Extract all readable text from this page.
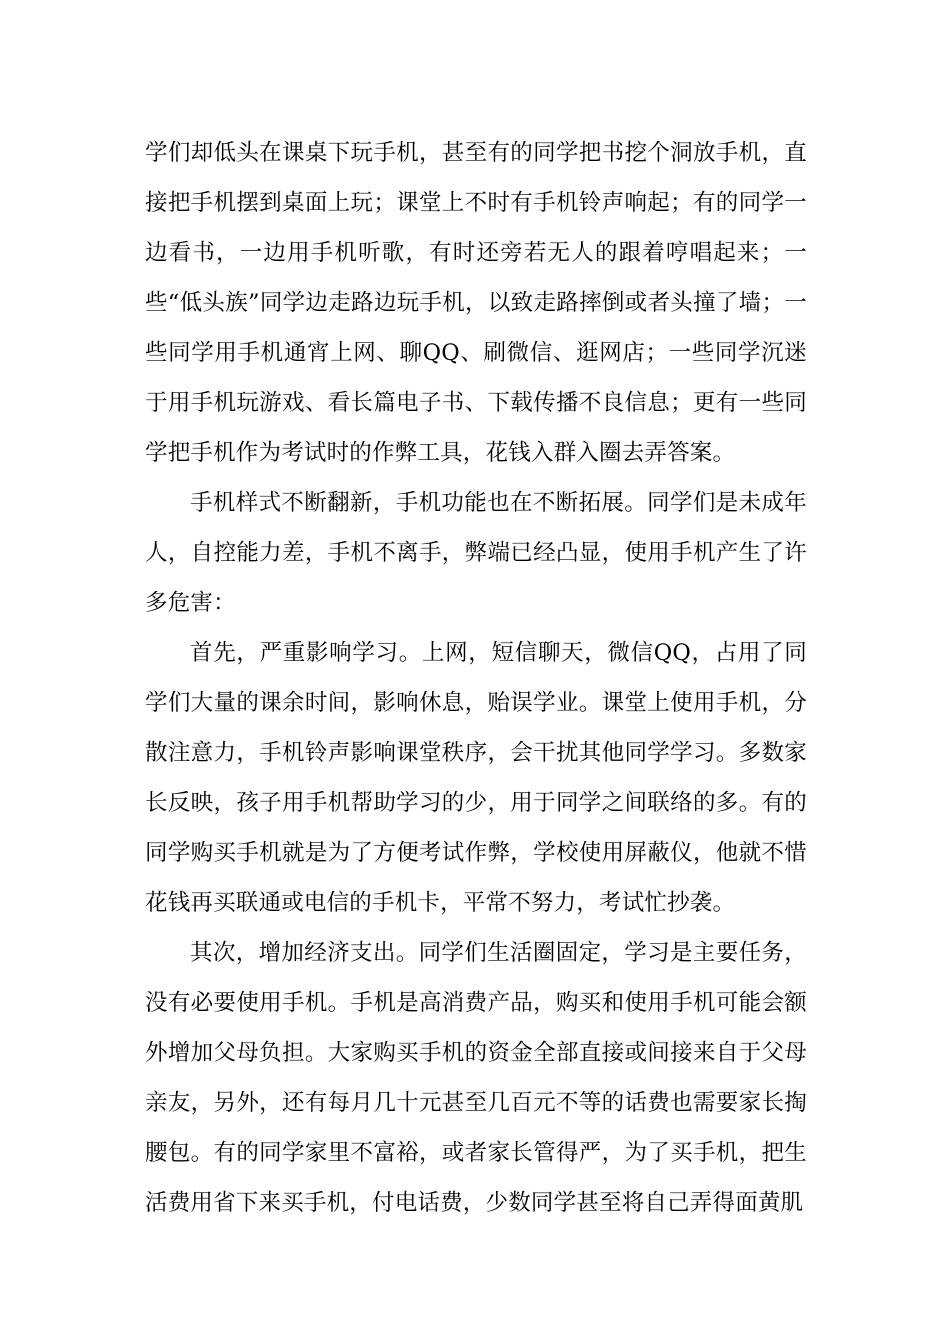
学们却低头在课桌下玩手机，甚至有的同学把书挖个洞放手机，直接把手机摆到桌面上玩；课堂上不时有手机铃声响起；有的同学一边看书，一边用手机听歌，有时还旁若无人的跟着哼唱起来；一些“低头族”同学边走路边玩手机，以致走路摔倒或者头撞了墙；一些同学用手机通宵上网、聊QQ、刷微信、逛网店；一些同学沉迷于用手机玩游戏、看长篇电子书、下载传播不良信息；更有一些同学把手机作为考试时的作弊工具，花钱入群入圈去弄答案。

手机样式不断翻新，手机功能也在不断拓展。同学们是未成年人，自控能力差，手机不离手，弊端已经凸显，使用手机产生了许多危害：

首先，严重影响学习。上网，短信聊天，微信QQ，占用了同学们大量的课余时间，影响休息，贻误学业。课堂上使用手机，分散注意力，手机铃声影响课堂秩序，会干扰其他同学学习。多数家长反映，孩子用手机帮助学习的少，用于同学之间联络的多。有的同学购买手机就是为了方便考试作弊，学校使用屏蔽仪，他就不惜花钱再买联通或电信的手机卡，平常不努力，考试忙抄袭。

其次，增加经济支出。同学们生活圈固定，学习是主要任务，没有必要使用手机。手机是高消费产品，购买和使用手机可能会额外增加父母负担。大家购买手机的资金全部直接或间接来自于父母亲友，另外，还有每月几十元甚至几百元不等的话费也需要家长掏腰包。有的同学家里不富裕，或者家长管得严，为了买手机，把生活费用省下来买手机，付电话费，少数同学甚至将自己弄得面黄肌
